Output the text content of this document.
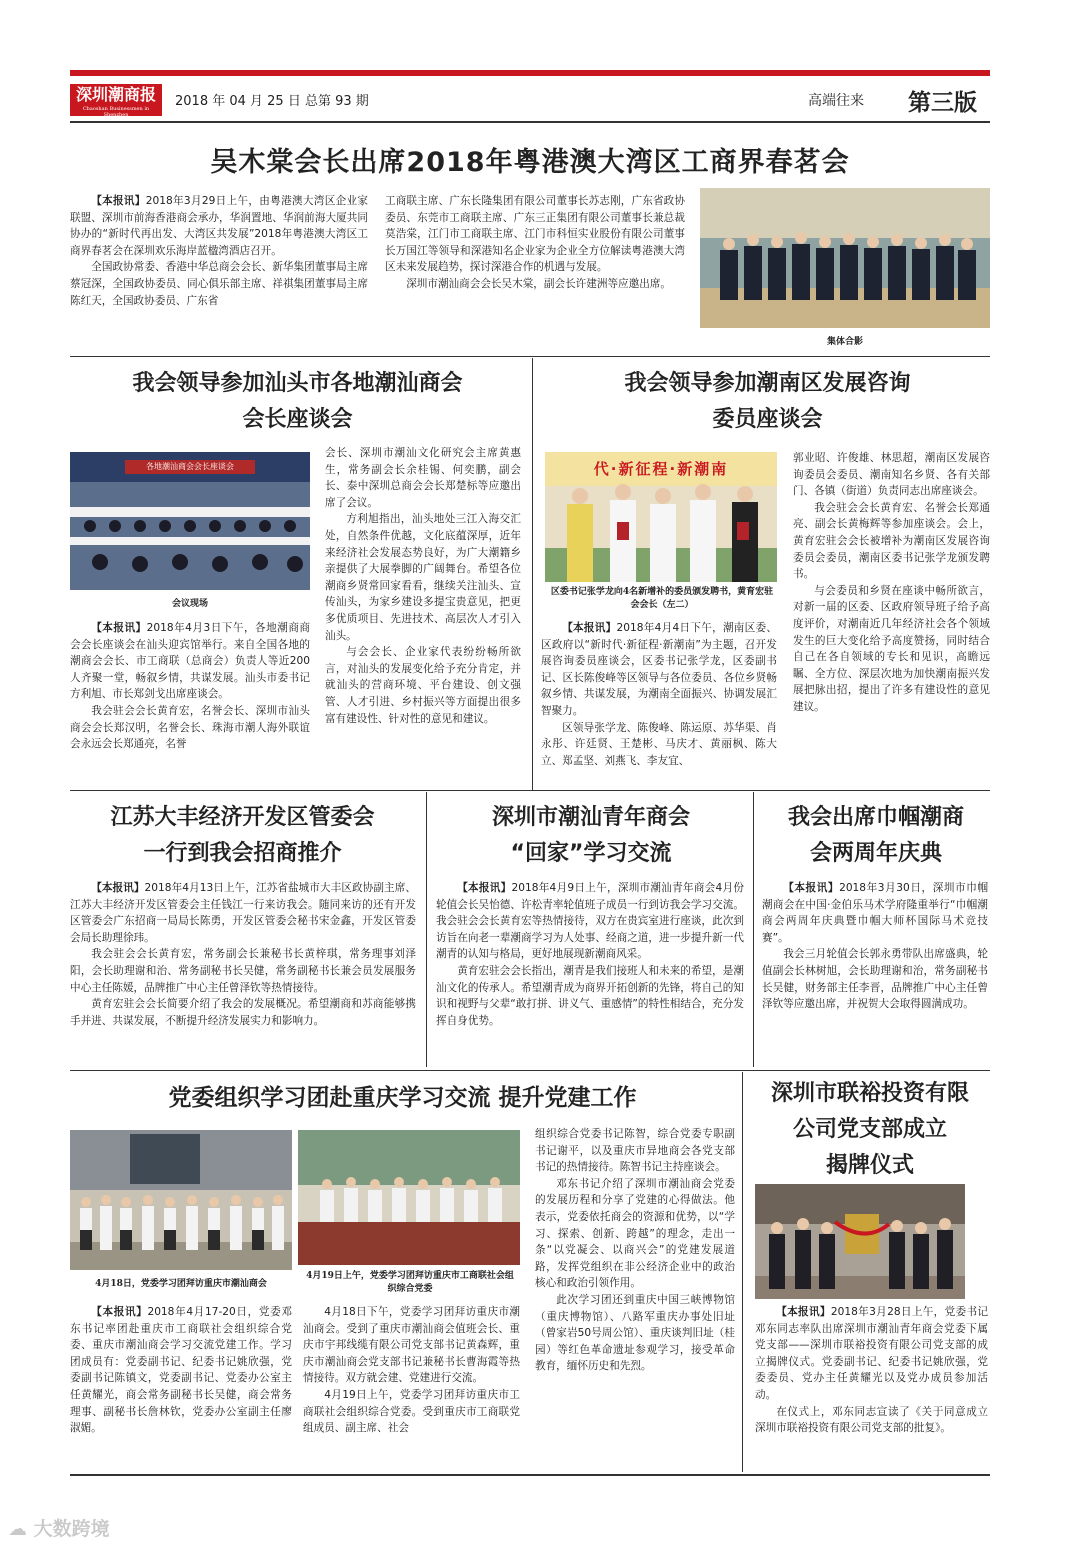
深圳潮商报
Chaoshan Businessmen in Shenzhen
2018 年 04 月 25 日 总第 93 期	高端往来 第三版
吴木棠会长出席2018年粤港澳大湾区工商界春茗会

【本报讯】2018年3月29日上午，由粤港澳大湾区企业家联盟、深圳市前海香港商会承办，华润置地、华润前海大厦共同协办的“新时代再出发、大湾区共发展”2018年粤港澳大湾区工商界春茗会在深圳欢乐海岸蓝楹湾酒店召开。

全国政协常委、香港中华总商会会长、新华集团董事局主席蔡冠深，全国政协委员、同心俱乐部主席、祥祺集团董事局主席陈红天，全国政协委员、广东省

工商联主席、广东长隆集团有限公司董事长苏志刚，广东省政协委员、东莞市工商联主席、广东三正集团有限公司董事长兼总裁莫浩棠，江门市工商联主席、江门市科恒实业股份有限公司董事长万国江等领导和深港知名企业家为企业全方位解读粤港澳大湾区未来发展趋势，探讨深港合作的机遇与发展。

深圳市潮汕商会会长吴木棠，副会长许建洲等应邀出席。

集体合影
我会领导参加汕头市各地潮汕商会
会长座谈会
各地潮汕商会会长座谈会
会议现场

【本报讯】2018年4月3日下午，各地潮商商会会长座谈会在汕头迎宾馆举行。来自全国各地的潮商会会长、市工商联（总商会）负责人等近200人齐聚一堂，畅叙乡情，共谋发展。汕头市委书记方利旭、市长郑剑戈出席座谈会。

我会驻会会长黄育宏，名誉会长、深圳市汕头商会会长郑汉明，名誉会长、珠海市潮人海外联谊会永远会长郑通亮，名誉

会长、深圳市潮汕文化研究会主席黄惠生，常务副会长余桂锡、何奕鹏，副会长、泰中深圳总商会会长郑楚标等应邀出席了会议。

方利旭指出，汕头地处三江入海交汇处，自然条件优越，文化底蕴深厚，近年来经济社会发展态势良好，为广大潮籍乡亲提供了大展拳脚的广阔舞台。希望各位潮商乡贤常回家看看，继续关注汕头、宣传汕头，为家乡建设多提宝贵意见，把更多优质项目、先进技术、高层次人才引入汕头。

与会会长、企业家代表纷纷畅所欲言，对汕头的发展变化给予充分肯定，并就汕头的营商环境、平台建设、创文强管、人才引进、乡村振兴等方面提出很多富有建设性、针对性的意见和建议。

我会领导参加潮南区发展咨询
委员座谈会
代·新征程·新潮南
区委书记张学龙向4名新增补的委员颁发聘书，黄育宏驻会会长（左二）

【本报讯】2018年4月4日下午，潮南区委、区政府以“新时代·新征程·新潮南”为主题，召开发展咨询委员座谈会，区委书记张学龙，区委副书记、区长陈俊峰等区领导与各位委员、各位乡贤畅叙乡情、共谋发展，为潮南全面振兴、协调发展汇智聚力。

区领导张学龙、陈俊峰、陈运原、苏华渠、肖永彤、许廷贤、王楚彬、马庆才、黄丽枫、陈大立、郑孟坚、刘燕飞、李友宜、

郭业昭、许俊雄、林思超，潮南区发展咨询委员会委员、潮南知名乡贤、各有关部门、各镇（街道）负责同志出席座谈会。

我会驻会会长黄育宏、名誉会长郑通亮、副会长黄梅辉等参加座谈会。会上，黄育宏驻会会长被增补为潮南区发展咨询委员会委员，潮南区委书记张学龙颁发聘书。

与会委员和乡贤在座谈中畅所欲言，对新一届的区委、区政府领导班子给予高度评价，对潮南近几年经济社会各个领域发生的巨大变化给予高度赞扬，同时结合自己在各自领域的专长和见识，高瞻远瞩、全方位、深层次地为加快潮南振兴发展把脉出招，提出了许多有建设性的意见建议。

江苏大丰经济开发区管委会
一行到我会招商推介

【本报讯】2018年4月13日上午，江苏省盐城市大丰区政协副主席、江苏大丰经济开发区管委会主任钱江一行来访我会。随同来访的还有开发区管委会广东招商一局局长陈勇，开发区管委会秘书宋金鑫，开发区管委会局长助理徐玮。

我会驻会会长黄育宏，常务副会长兼秘书长黄梓琪，常务理事刘泽阳，会长助理谢和治、常务副秘书长吴健，常务副秘书长兼会员发展服务中心主任陈媛，品牌推广中心主任曾泽钦等热情接待。

黄育宏驻会会长简要介绍了我会的发展概况。希望潮商和苏商能够携手并进、共谋发展，不断提升经济发展实力和影响力。

深圳市潮汕青年商会
“回家”学习交流

【本报讯】2018年4月9日上午，深圳市潮汕青年商会4月份轮值会长吴怡德、许松青率轮值班子成员一行到访我会学习交流。我会驻会会长黄育宏等热情接待，双方在贵宾室进行座谈，此次到访旨在向老一辈潮商学习为人处事、经商之道，进一步提升新一代潮青的认知与格局，更好地展现新潮商风采。

黄育宏驻会会长指出，潮青是我们接班人和未来的希望，是潮汕文化的传承人。希望潮青成为商界开拓创新的先锋，将自己的知识和视野与父辈“敢打拼、讲义气、重感情”的特性相结合，充分发挥自身优势。

我会出席巾帼潮商
会两周年庆典

【本报讯】2018年3月30日，深圳市巾帼潮商会在中国·金伯乐马术学府隆重举行“巾帼潮商会两周年庆典暨巾帼大师杯国际马术竞技赛”。

我会三月轮值会长郭永勇带队出席盛典，轮值副会长林树旭，会长助理谢和治，常务副秘书长吴健，财务部主任李晋，品牌推广中心主任曾泽钦等应邀出席，并祝贺大会取得圆满成功。

党委组织学习团赴重庆学习交流 提升党建工作
4月18日，党委学习团拜访重庆市潮汕商会
4月19日上午，党委学习团拜访重庆市工商联社会组织综合党委

【本报讯】2018年4月17-20日，党委邓东书记率团赴重庆市工商联社会组织综合党委、重庆市潮汕商会学习交流党建工作。学习团成员有：党委副书记、纪委书记姚欣强，党委副书记陈镇文，党委副书记、党委办公室主任黄耀光，商会常务副秘书长吴健，商会常务理事、副秘书长詹林钦，党委办公室副主任廖淑媚。

4月18日下午，党委学习团拜访重庆市潮汕商会。受到了重庆市潮汕商会值班会长、重庆市宇邦线缆有限公司党支部书记黄森辉，重庆市潮汕商会党支部书记兼秘书长曹海霞等热情接待。双方就会建、党建进行交流。

4月19日上午，党委学习团拜访重庆市工商联社会组织综合党委。受到重庆市工商联党组成员、副主席、社会

组织综合党委书记陈智，综合党委专职副书记谢平，以及重庆市异地商会各党支部书记的热情接待。陈智书记主持座谈会。

邓东书记介绍了深圳市潮汕商会党委的发展历程和分享了党建的心得做法。他表示，党委依托商会的资源和优势，以“学习、探索、创新、跨越”的理念，走出一条“以党凝会、以商兴会”的党建发展道路，发挥党组织在非公经济企业中的政治核心和政治引领作用。

此次学习团还到重庆中国三峡博物馆（重庆博物馆）、八路军重庆办事处旧址（曾家岩50号周公馆）、重庆谈判旧址（桂园）等红色革命遗址参观学习，接受革命教育，缅怀历史和先烈。

深圳市联裕投资有限
公司党支部成立
揭牌仪式

【本报讯】2018年3月28日上午，党委书记邓东同志率队出席深圳市潮汕青年商会党委下属党支部——深圳市联裕投资有限公司党支部的成立揭牌仪式。党委副书记、纪委书记姚欣强，党委委员、党办主任黄耀光以及党办成员参加活动。

在仪式上，邓东同志宣读了《关于同意成立深圳市联裕投资有限公司党支部的批复》。

☁ 大数跨境
